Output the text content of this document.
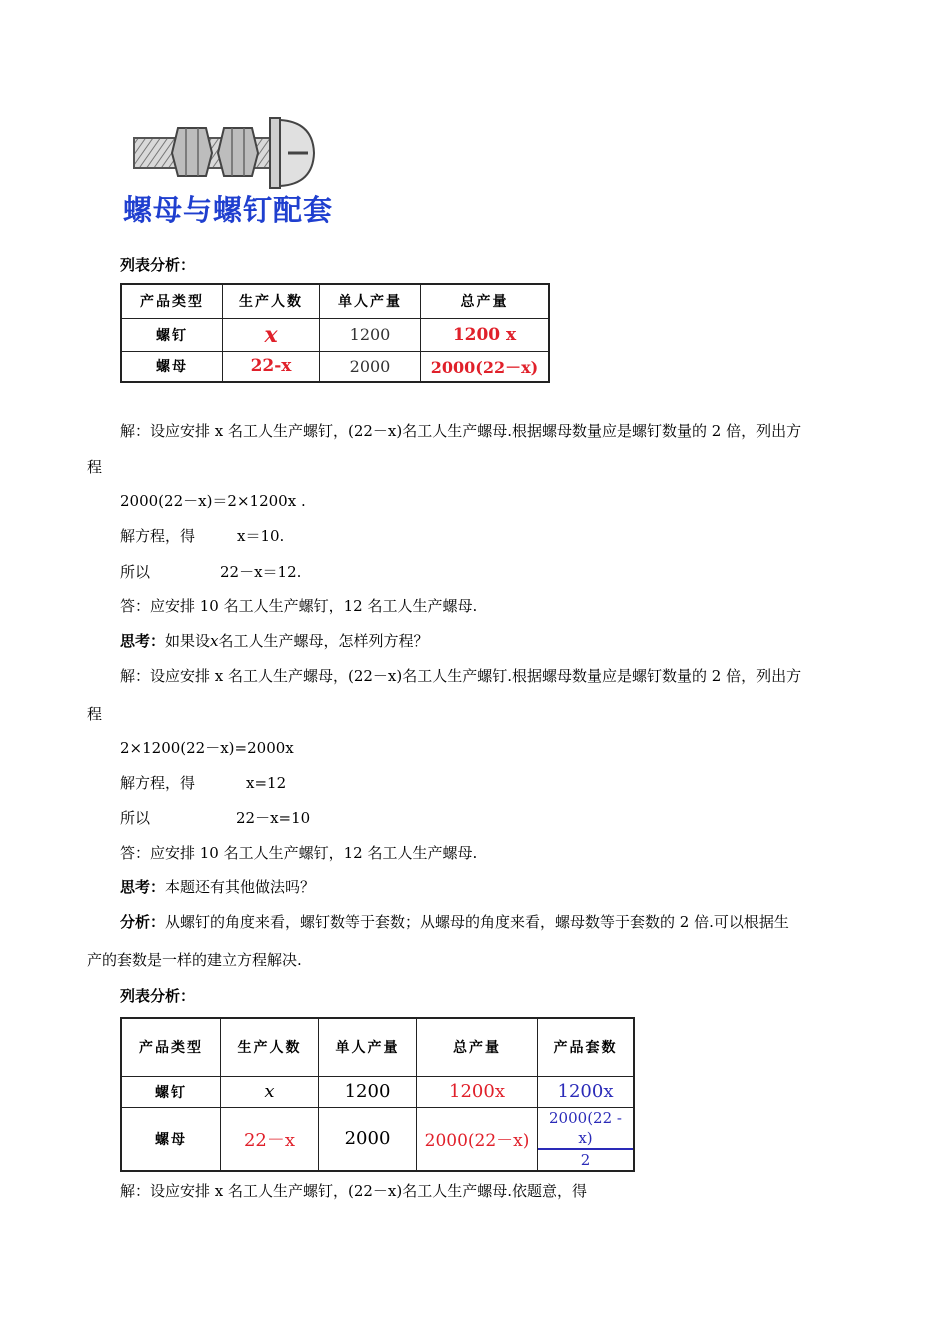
螺母与螺钉配套
列表分析：
产品类型	生产人数	单人产量	总产量
螺钉	x	1200	1200 x
螺母	22-x	2000	2000(22－x)
解：设应安排 x 名工人生产螺钉，(22－x)名工人生产螺母.根据螺母数量应是螺钉数量的 2 倍，列出方
程
2000(22－x)＝2×1200x .
解方程，得	x＝10.
所以	22－x＝12.
答：应安排 10 名工人生产螺钉，12 名工人生产螺母.
思考：如果设x名工人生产螺母，怎样列方程？
解：设应安排 x 名工人生产螺母，(22－x)名工人生产螺钉.根据螺母数量应是螺钉数量的 2 倍，列出方
程
2×1200(22－x)=2000x
解方程，得	x=12
所以	22－x=10
答：应安排 10 名工人生产螺钉，12 名工人生产螺母.
思考：本题还有其他做法吗？
分析：从螺钉的角度来看，螺钉数等于套数；从螺母的角度来看，螺母数等于套数的 2 倍.可以根据生
产的套数是一样的建立方程解决.
列表分析：
产品类型	生产人数	单人产量	总产量	产品套数
螺钉	x	1200	1200x	1200x
螺母	22－x	2000	2000(22－x)	$\frac{2000(22 - x)}{2}$
解：设应安排 x 名工人生产螺钉，(22－x)名工人生产螺母.依题意，得
